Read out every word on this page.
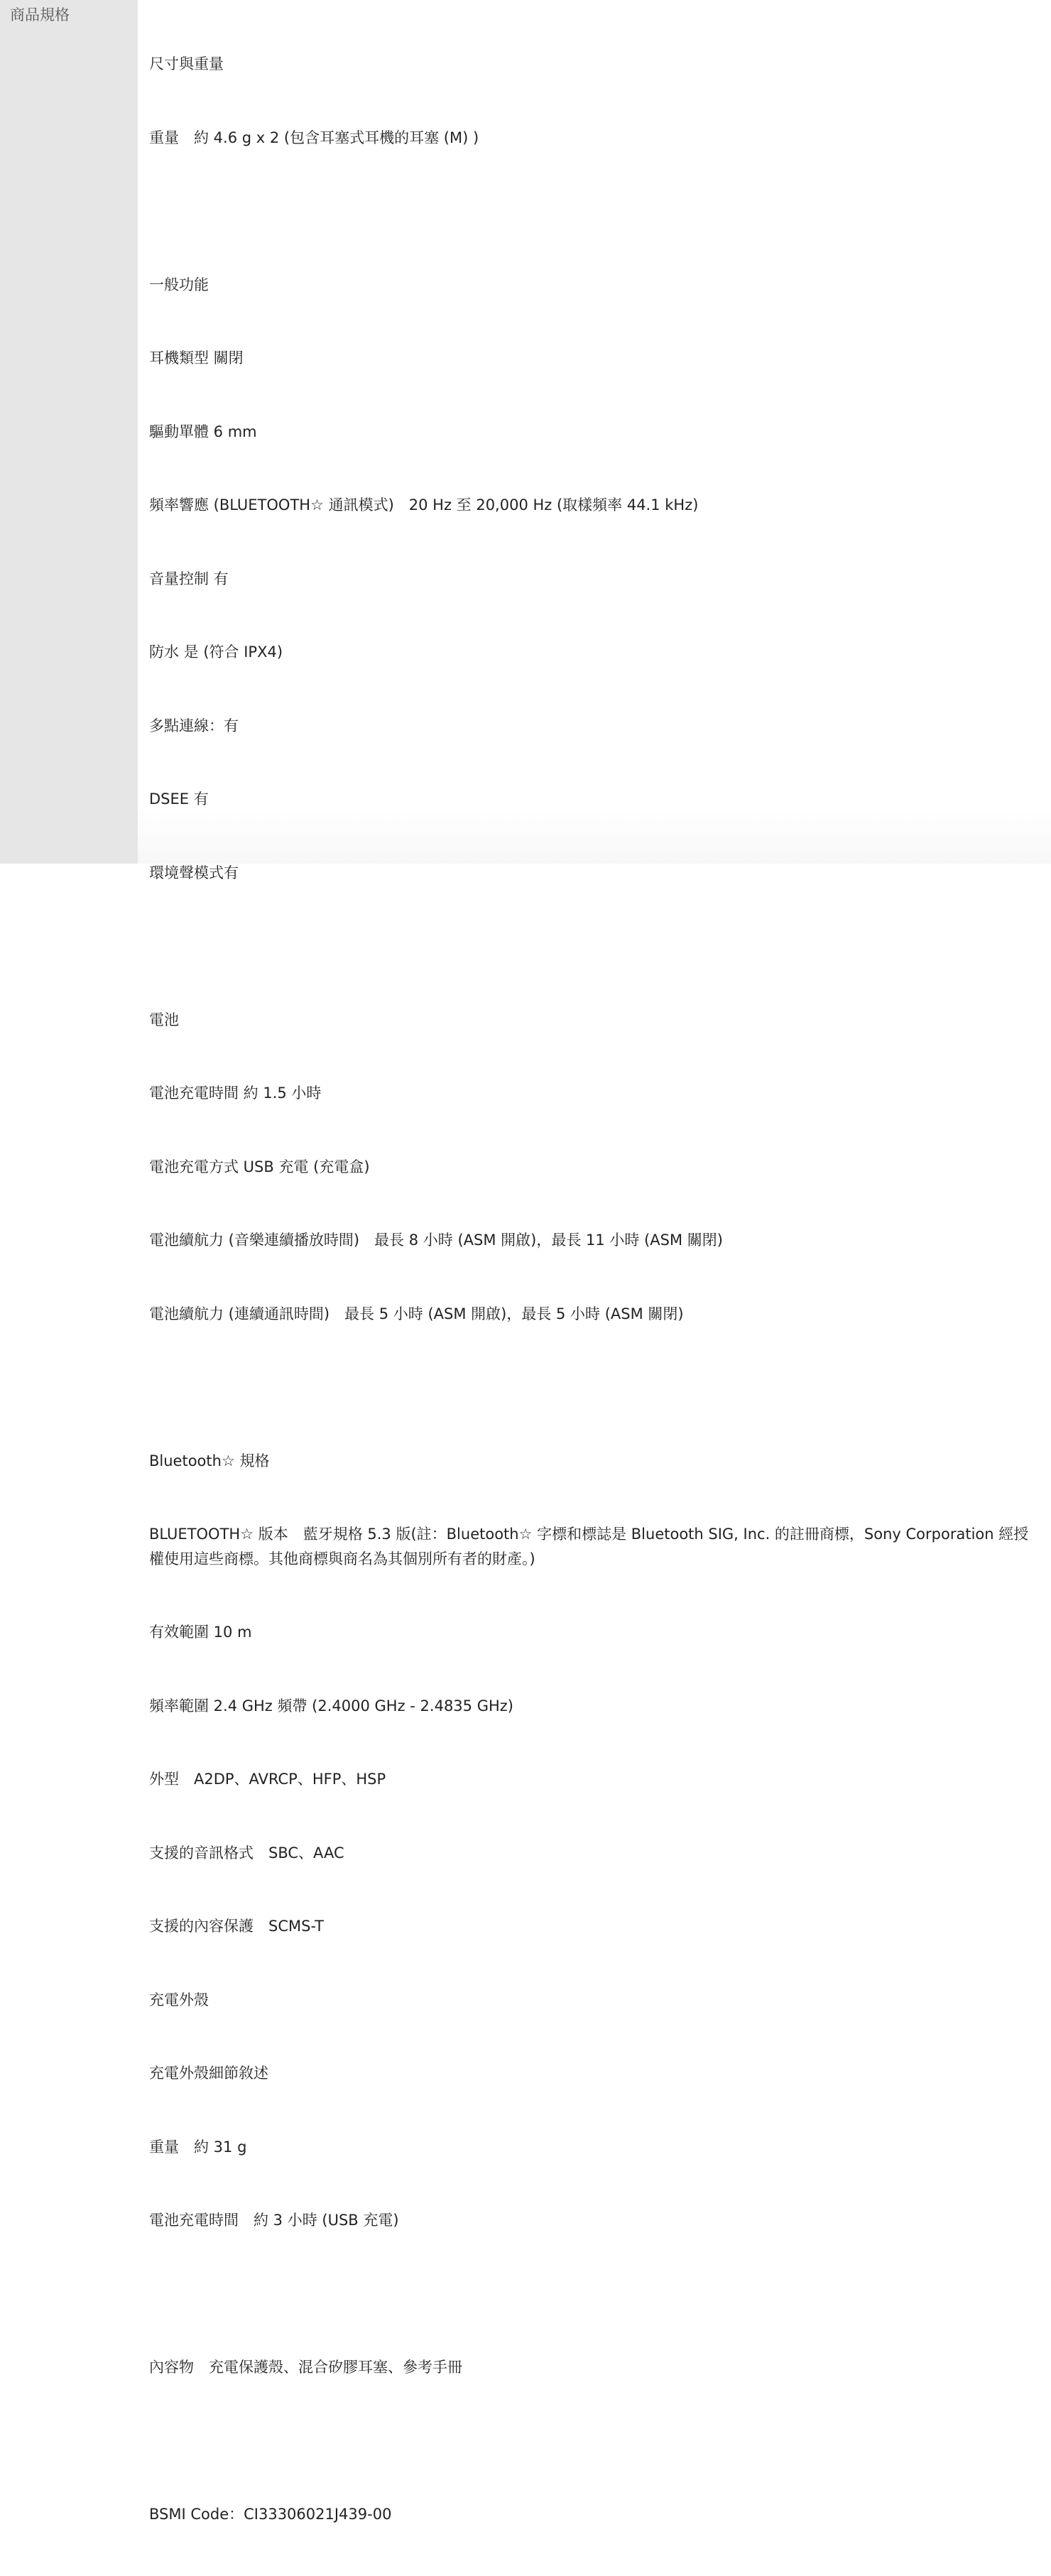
商品規格

尺寸與重量

重量　約 4.6 g x 2 (包含耳塞式耳機的耳塞 (M) )

一般功能

耳機類型 關閉

驅動單體 6 mm

頻率響應 (BLUETOOTH☆ 通訊模式)　20 Hz 至 20,000 Hz (取樣頻率 44.1 kHz)

音量控制 有

防水 是 (符合 IPX4)

多點連線：有

DSEE 有

環境聲模式有

電池

電池充電時間 約 1.5 小時

電池充電方式 USB 充電 (充電盒)

電池續航力 (音樂連續播放時間)　最長 8 小時 (ASM 開啟)，最長 11 小時 (ASM 關閉)

電池續航力 (連續通訊時間)　最長 5 小時 (ASM 開啟)，最長 5 小時 (ASM 關閉)

Bluetooth☆ 規格

BLUETOOTH☆ 版本　藍牙規格 5.3 版(註：Bluetooth☆ 字標和標誌是 Bluetooth SIG, Inc. 的註冊商標，Sony Corporation 經授權使用這些商標。其他商標與商名為其個別所有者的財產。)

有效範圍 10 m

頻率範圍 2.4 GHz 頻帶 (2.4000 GHz - 2.4835 GHz)

外型　A2DP、AVRCP、HFP、HSP

支援的音訊格式　SBC、AAC

支援的內容保護　SCMS-T

充電外殼

充電外殼細節敘述

重量　約 31 g

電池充電時間　約 3 小時 (USB 充電)

內容物　充電保護殼、混合矽膠耳塞、參考手冊

BSMI Code：CI33306021J439-00
